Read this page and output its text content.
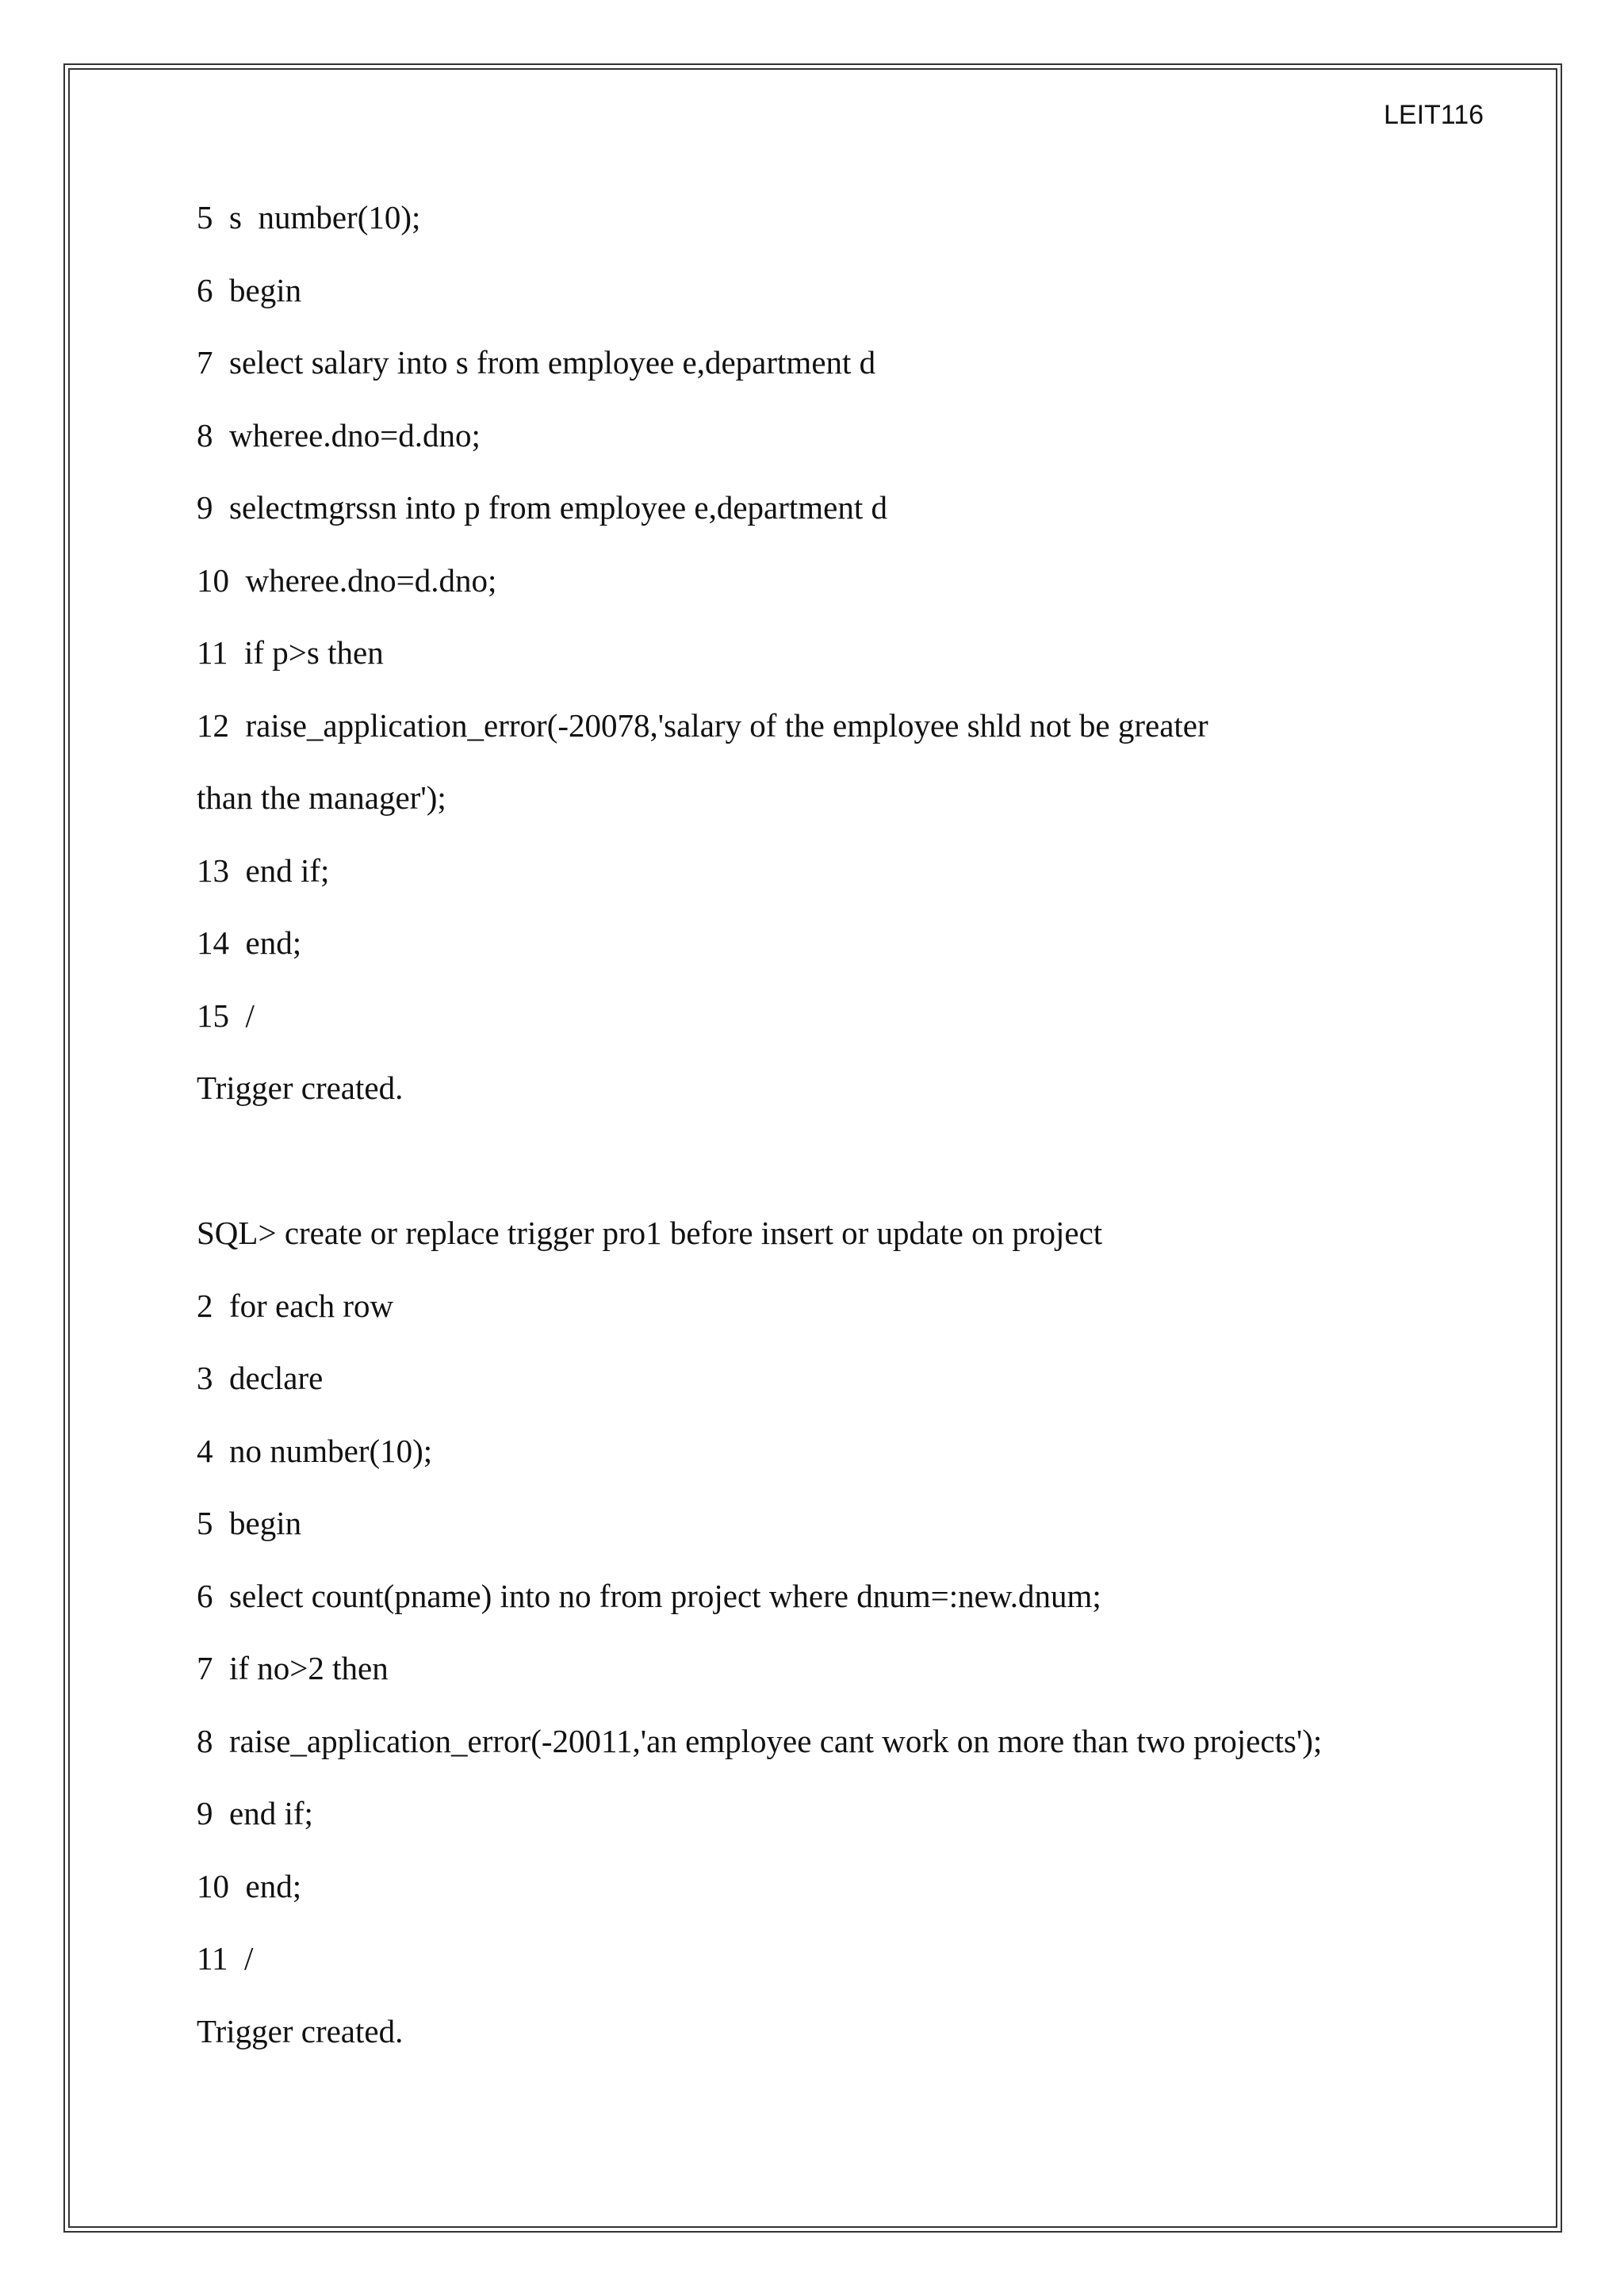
LEIT116
5  s  number(10);
6  begin
7  select salary into s from employee e,department d
8  wheree.dno=d.dno;
9  selectmgrssn into p from employee e,department d
10  wheree.dno=d.dno;
11  if p>s then
12  raise_application_error(-20078,'salary of the employee shld not be greater
than the manager');
13  end if;
14  end;
15  /
Trigger created.
SQL> create or replace trigger pro1 before insert or update on project
2  for each row
3  declare
4  no number(10);
5  begin
6  select count(pname) into no from project where dnum=:new.dnum;
7  if no>2 then
8  raise_application_error(-20011,'an employee cant work on more than two projects');
9  end if;
10  end;
11  /
Trigger created.
